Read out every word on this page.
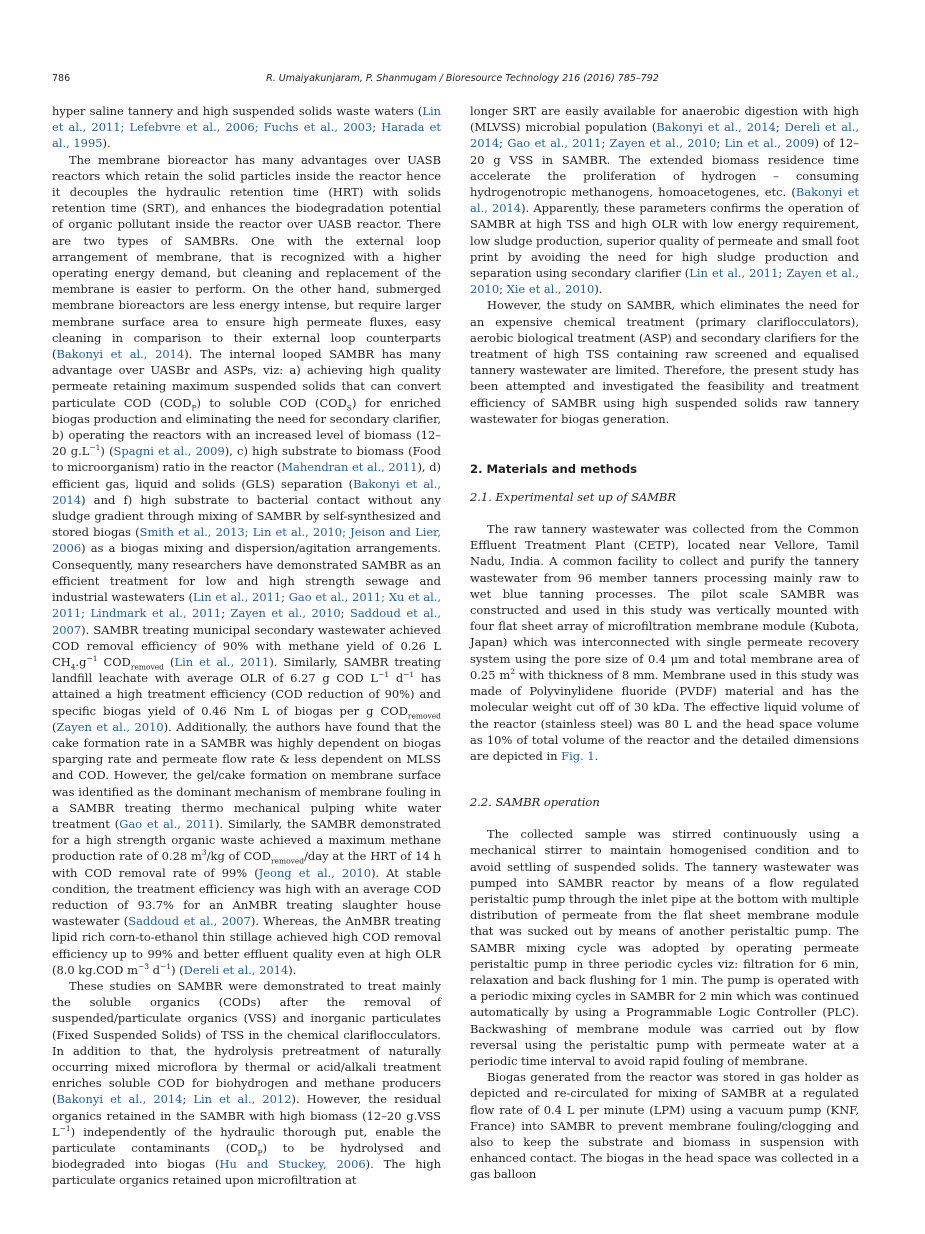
786	R. Umaiyakunjaram, P. Shanmugam / Bioresource Technology 216 (2016) 785–792

hyper saline tannery and high suspended solids waste waters (Lin et al., 2011; Lefebvre et al., 2006; Fuchs et al., 2003; Harada et al., 1995).

The membrane bioreactor has many advantages over UASB reactors which retain the solid particles inside the reactor hence it decouples the hydraulic retention time (HRT) with solids retention time (SRT), and enhances the biodegradation potential of organic pollutant inside the reactor over UASB reactor. There are two types of SAMBRs. One with the external loop arrangement of membrane, that is recognized with a higher operating energy demand, but cleaning and replacement of the membrane is easier to perform. On the other hand, submerged membrane bioreactors are less energy intense, but require larger membrane surface area to ensure high permeate fluxes, easy cleaning in comparison to their external loop counterparts (Bakonyi et al., 2014). The internal looped SAMBR has many advantage over UASBr and ASPs, viz: a) achieving high quality permeate retaining maximum suspended solids that can convert particulate COD $(COD_P)$ to soluble COD $(COD_S)$ for enriched biogas production and eliminating the need for secondary clarifier, b) operating the reactors with an increased level of biomass (12–20 $g.L^{-1}$) (Spagni et al., 2009), c) high substrate to biomass (Food to microorganism) ratio in the reactor (Mahendran et al., 2011), d) efficient gas, liquid and solids (GLS) separation (Bakonyi et al., 2014) and f) high substrate to bacterial contact without any sludge gradient through mixing of SAMBR by self-synthesized and stored biogas (Smith et al., 2013; Lin et al., 2010; Jeison and Lier, 2006) as a biogas mixing and dispersion/agitation arrangements. Consequently, many researchers have demonstrated SAMBR as an efficient treatment for low and high strength sewage and industrial wastewaters (Lin et al., 2011; Gao et al., 2011; Xu et al., 2011; Lindmark et al., 2011; Zayen et al., 2010; Saddoud et al., 2007). SAMBR treating municipal secondary wastewater achieved COD removal efficiency of 90% with methane yield of 0.26 L $CH_4.g^{-1}$ $COD_{removed}$ (Lin et al., 2011). Similarly, SAMBR treating landfill leachate with average OLR of 6.27 g COD $L^{-1}$ $d^{-1}$ has attained a high treatment efficiency (COD reduction of 90%) and specific biogas yield of 0.46 Nm L of biogas per g $COD_{removed}$ (Zayen et al., 2010). Additionally, the authors have found that the cake formation rate in a SAMBR was highly dependent on biogas sparging rate and permeate flow rate & less dependent on MLSS and COD. However, the gel/cake formation on membrane surface was identified as the dominant mechanism of membrane fouling in a SAMBR treating thermo mechanical pulping white water treatment (Gao et al., 2011). Similarly, the SAMBR demonstrated for a high strength organic waste achieved a maximum methane production rate of 0.28 $m^3/kg$ of $COD_{removed}$/day at the HRT of 14 h with COD removal rate of 99% (Jeong et al., 2010). At stable condition, the treatment efficiency was high with an average COD reduction of 93.7% for an AnMBR treating slaughter house wastewater (Saddoud et al., 2007). Whereas, the AnMBR treating lipid rich corn-to-ethanol thin stillage achieved high COD removal efficiency up to 99% and better effluent quality even at high OLR (8.0 kg.COD $m^{-3}$ $d^{-1}$) (Dereli et al., 2014).

These studies on SAMBR were demonstrated to treat mainly the soluble organics (CODs) after the removal of suspended/particulate organics (VSS) and inorganic particulates (Fixed Suspended Solids) of TSS in the chemical clariflocculators. In addition to that, the hydrolysis pretreatment of naturally occurring mixed microflora by thermal or acid/alkali treatment enriches soluble COD for biohydrogen and methane producers (Bakonyi et al., 2014; Lin et al., 2012). However, the residual organics retained in the SAMBR with high biomass (12–20 g.VSS $L^{-1}$) independently of the hydraulic thorough put, enable the particulate contaminants $(COD_P)$ to be hydrolysed and biodegraded into biogas (Hu and Stuckey, 2006). The high particulate organics retained upon microfiltration at

longer SRT are easily available for anaerobic digestion with high (MLVSS) microbial population (Bakonyi et al., 2014; Dereli et al., 2014; Gao et al., 2011; Zayen et al., 2010; Lin et al., 2009) of 12–20 g VSS in SAMBR. The extended biomass residence time accelerate the proliferation of hydrogen – consuming hydrogenotropic methanogens, homoacetogenes, etc. (Bakonyi et al., 2014). Apparently, these parameters confirms the operation of SAMBR at high TSS and high OLR with low energy requirement, low sludge production, superior quality of permeate and small foot print by avoiding the need for high sludge production and separation using secondary clarifier (Lin et al., 2011; Zayen et al., 2010; Xie et al., 2010).

However, the study on SAMBR, which eliminates the need for an expensive chemical treatment (primary clariflocculators), aerobic biological treatment (ASP) and secondary clarifiers for the treatment of high TSS containing raw screened and equalised tannery wastewater are limited. Therefore, the present study has been attempted and investigated the feasibility and treatment efficiency of SAMBR using high suspended solids raw tannery wastewater for biogas generation.

2. Materials and methods
2.1. Experimental set up of SAMBR

The raw tannery wastewater was collected from the Common Effluent Treatment Plant (CETP), located near Vellore, Tamil Nadu, India. A common facility to collect and purify the tannery wastewater from 96 member tanners processing mainly raw to wet blue tanning processes. The pilot scale SAMBR was constructed and used in this study was vertically mounted with four flat sheet array of microfiltration membrane module (Kubota, Japan) which was interconnected with single permeate recovery system using the pore size of 0.4 μm and total membrane area of 0.25 $m^2$ with thickness of 8 mm. Membrane used in this study was made of Polyvinylidene fluoride (PVDF) material and has the molecular weight cut off of 30 kDa. The effective liquid volume of the reactor (stainless steel) was 80 L and the head space volume as 10% of total volume of the reactor and the detailed dimensions are depicted in Fig. 1.

2.2. SAMBR operation

The collected sample was stirred continuously using a mechanical stirrer to maintain homogenised condition and to avoid settling of suspended solids. The tannery wastewater was pumped into SAMBR reactor by means of a flow regulated peristaltic pump through the inlet pipe at the bottom with multiple distribution of permeate from the flat sheet membrane module that was sucked out by means of another peristaltic pump. The SAMBR mixing cycle was adopted by operating permeate peristaltic pump in three periodic cycles viz: filtration for 6 min, relaxation and back flushing for 1 min. The pump is operated with a periodic mixing cycles in SAMBR for 2 min which was continued automatically by using a Programmable Logic Controller (PLC). Backwashing of membrane module was carried out by flow reversal using the peristaltic pump with permeate water at a periodic time interval to avoid rapid fouling of membrane.

Biogas generated from the reactor was stored in gas holder as depicted and re-circulated for mixing of SAMBR at a regulated flow rate of 0.4 L per minute (LPM) using a vacuum pump (KNF, France) into SAMBR to prevent membrane fouling/clogging and also to keep the substrate and biomass in suspension with enhanced contact. The biogas in the head space was collected in a gas balloon
